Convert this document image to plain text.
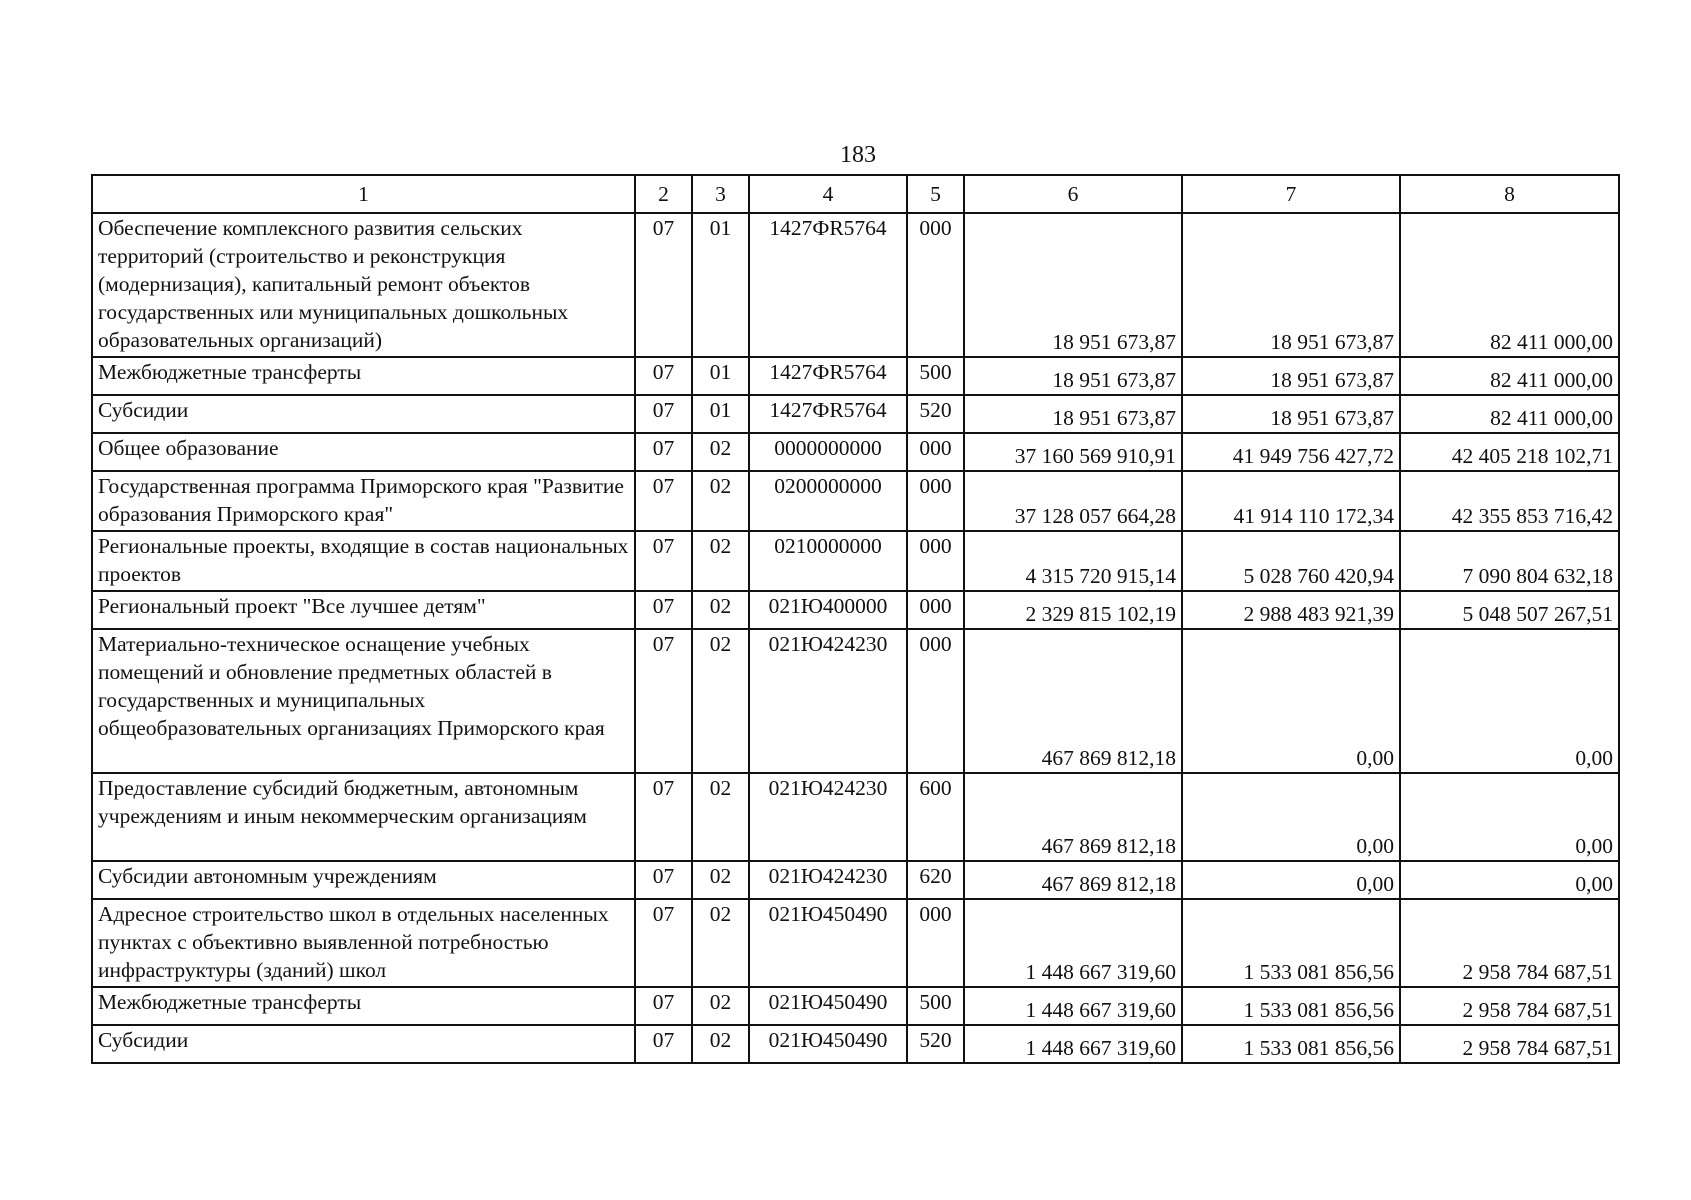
183
1	2	3	4	5	6	7	8
Обеспечение комплексного развития сельских территорий (строительство и реконструкция (модернизация), капитальный ремонт объектов государственных или муниципальных дошкольных образовательных организаций)	07	01	1427ФR5764	000	18 951 673,87	18 951 673,87	82 411 000,00
Межбюджетные трансферты	07	01	1427ФR5764	500	18 951 673,87	18 951 673,87	82 411 000,00
Субсидии	07	01	1427ФR5764	520	18 951 673,87	18 951 673,87	82 411 000,00
Общее образование	07	02	0000000000	000	37 160 569 910,91	41 949 756 427,72	42 405 218 102,71
Государственная программа Приморского края "Развитие образования Приморского края"	07	02	0200000000	000	37 128 057 664,28	41 914 110 172,34	42 355 853 716,42
Региональные проекты, входящие в состав национальных проектов	07	02	0210000000	000	4 315 720 915,14	5 028 760 420,94	7 090 804 632,18
Региональный проект "Все лучшее детям"	07	02	021Ю400000	000	2 329 815 102,19	2 988 483 921,39	5 048 507 267,51
Материально-техническое оснащение учебных помещений и обновление предметных областей в государственных и муниципальных общеобразовательных организациях Приморского края	07	02	021Ю424230	000	467 869 812,18	0,00	0,00
Предоставление субсидий бюджетным, автономным учреждениям и иным некоммерческим организациям	07	02	021Ю424230	600	467 869 812,18	0,00	0,00
Субсидии автономным учреждениям	07	02	021Ю424230	620	467 869 812,18	0,00	0,00
Адресное строительство школ в отдельных населенных пунктах с объективно выявленной потребностью инфраструктуры (зданий) школ	07	02	021Ю450490	000	1 448 667 319,60	1 533 081 856,56	2 958 784 687,51
Межбюджетные трансферты	07	02	021Ю450490	500	1 448 667 319,60	1 533 081 856,56	2 958 784 687,51
Субсидии	07	02	021Ю450490	520	1 448 667 319,60	1 533 081 856,56	2 958 784 687,51
